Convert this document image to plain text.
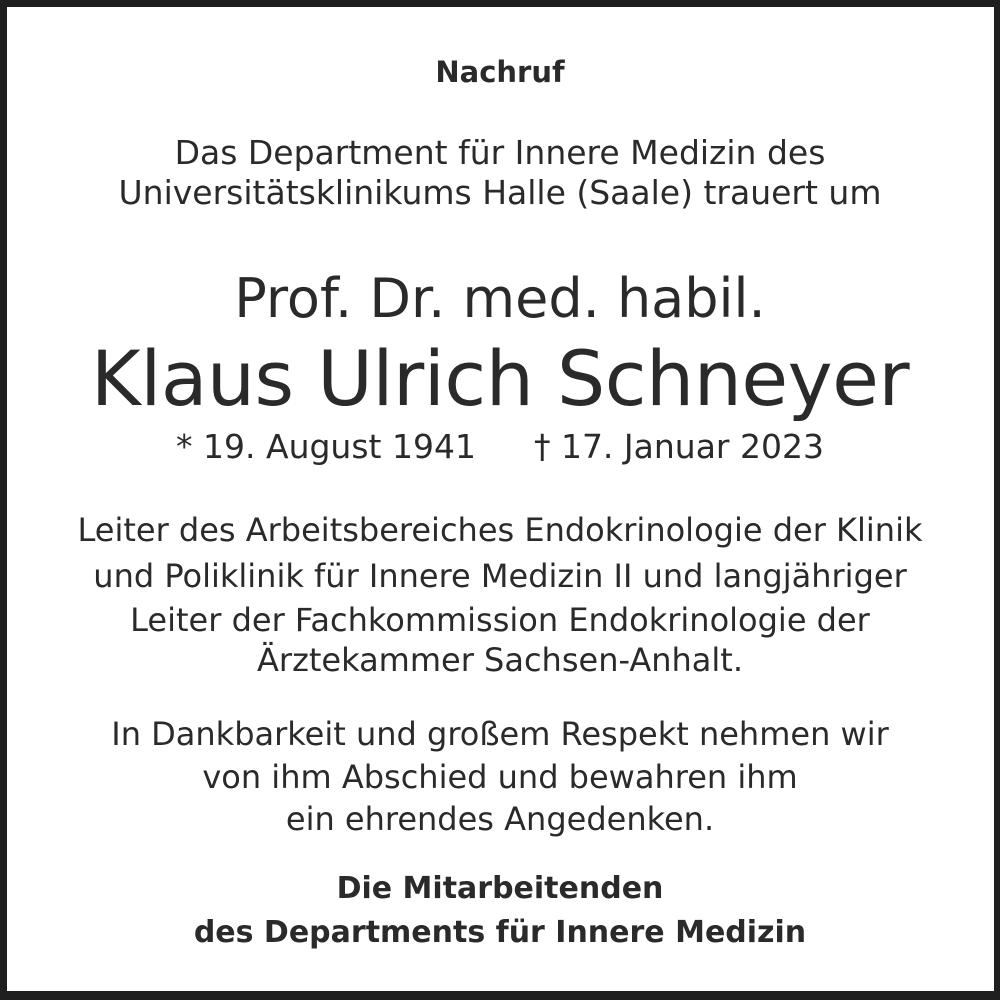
Nachruf
Das Department für Innere Medizin des
Universitätsklinikums Halle (Saale) trauert um
Prof. Dr. med. habil.
Klaus Ulrich Schneyer
* 19. August 1941 † 17. Januar 2023
Leiter des Arbeitsbereiches Endokrinologie der Klinik
und Poliklinik für Innere Medizin II und langjähriger
Leiter der Fachkommission Endokrinologie der
Ärztekammer Sachsen-Anhalt.
In Dankbarkeit und großem Respekt nehmen wir
von ihm Abschied und bewahren ihm
ein ehrendes Angedenken.
Die Mitarbeitenden
des Departments für Innere Medizin
